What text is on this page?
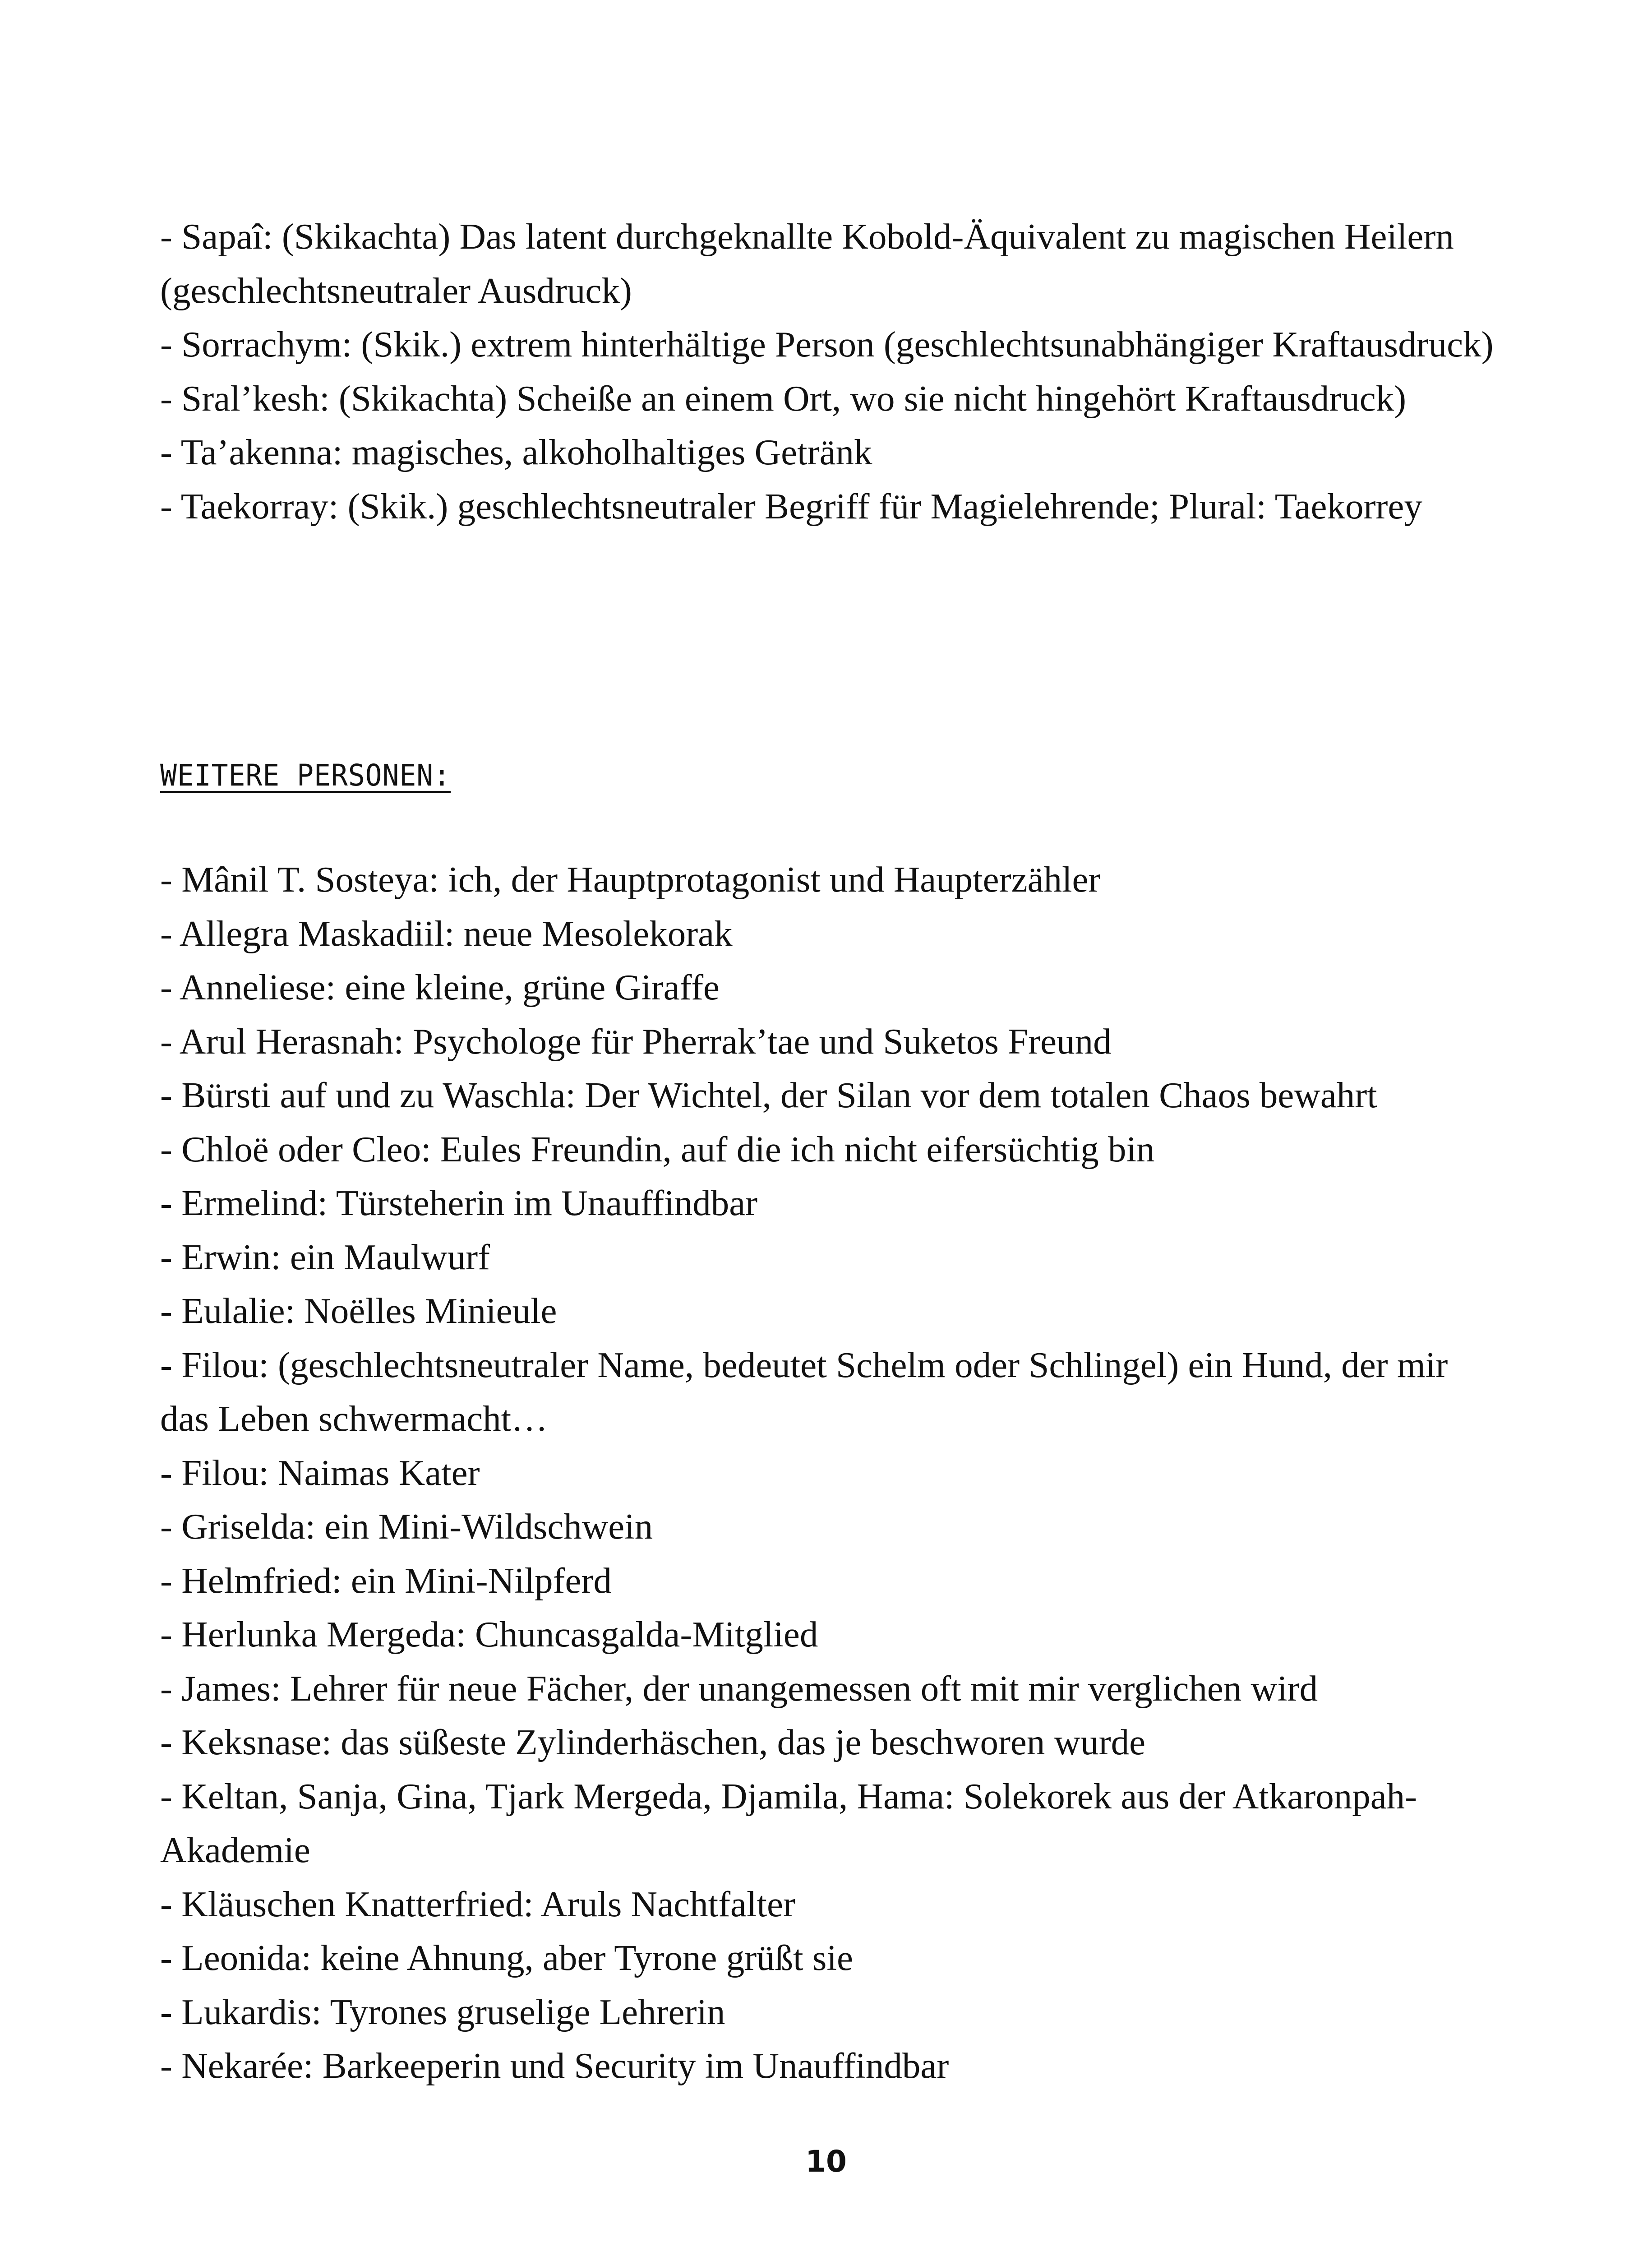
- Sapaî: (Skikachta) Das latent durchgeknallte Kobold-Äquivalent zu magischen Heilern (geschlechtsneutraler Ausdruck)

- Sorrachym: (Skik.) extrem hinterhältige Person (geschlechtsunabhängiger Kraftausdruck)

- Sral’kesh: (Skikachta) Scheiße an einem Ort, wo sie nicht hingehört Kraftausdruck)

- Ta’akenna: magisches, alkoholhaltiges Getränk

- Taekorray: (Skik.) geschlechtsneutraler Begriff für Magielehrende; Plural: Taekorrey

WEITERE PERSONEN:

- Mânil T. Sosteya: ich, der Hauptprotagonist und Haupterzähler

- Allegra Maskadiil: neue Mesolekorak

- Anneliese: eine kleine, grüne Giraffe

- Arul Herasnah: Psychologe für Pherrak’tae und Suketos Freund

- Bürsti auf und zu Waschla: Der Wichtel, der Silan vor dem totalen Chaos bewahrt

- Chloë oder Cleo: Eules Freundin, auf die ich nicht eifersüchtig bin

- Ermelind: Türsteherin im Unauffindbar

- Erwin: ein Maulwurf

- Eulalie: Noëlles Minieule

- Filou: (geschlechtsneutraler Name, bedeutet Schelm oder Schlingel) ein Hund, der mir das Leben schwermacht…

- Filou: Naimas Kater

- Griselda: ein Mini-Wildschwein

- Helmfried: ein Mini-Nilpferd

- Herlunka Mergeda: Chuncasgalda-Mitglied

- James: Lehrer für neue Fächer, der unangemessen oft mit mir verglichen wird

- Keksnase: das süßeste Zylinderhäschen, das je beschworen wurde

- Keltan, Sanja, Gina, Tjark Mergeda, Djamila, Hama: Solekorek aus der Atkaronpah-Akademie

- Kläuschen Knatterfried: Aruls Nachtfalter

- Leonida: keine Ahnung, aber Tyrone grüßt sie

- Lukardis: Tyrones gruselige Lehrerin

- Nekarée: Barkeeperin und Security im Unauffindbar

10
